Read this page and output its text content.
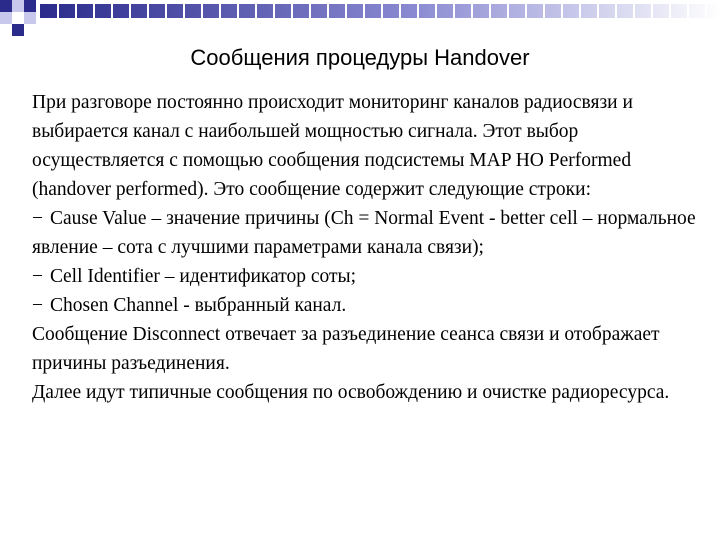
Сообщения процедуры Handover

При разговоре постоянно происходит мониторинг каналов радиосвязи и выбирается канал с наибольшей мощностью сигнала. Этот выбор осуществляется с помощью сообщения подсистемы MAP HO Performed (handover performed). Это сообщение содержит следующие строки:

− Cause Value – значение причины (Ch = Normal Event - better cell – нормальное явление – сота с лучшими параметрами канала связи);

− Cell Identifier – идентификатор соты;

− Chosen Channel - выбранный канал.

Сообщение Disconnect отвечает за разъединение сеанса связи и отображает причины разъединения.

Далее идут типичные сообщения по освобождению и очистке радиоресурса.
